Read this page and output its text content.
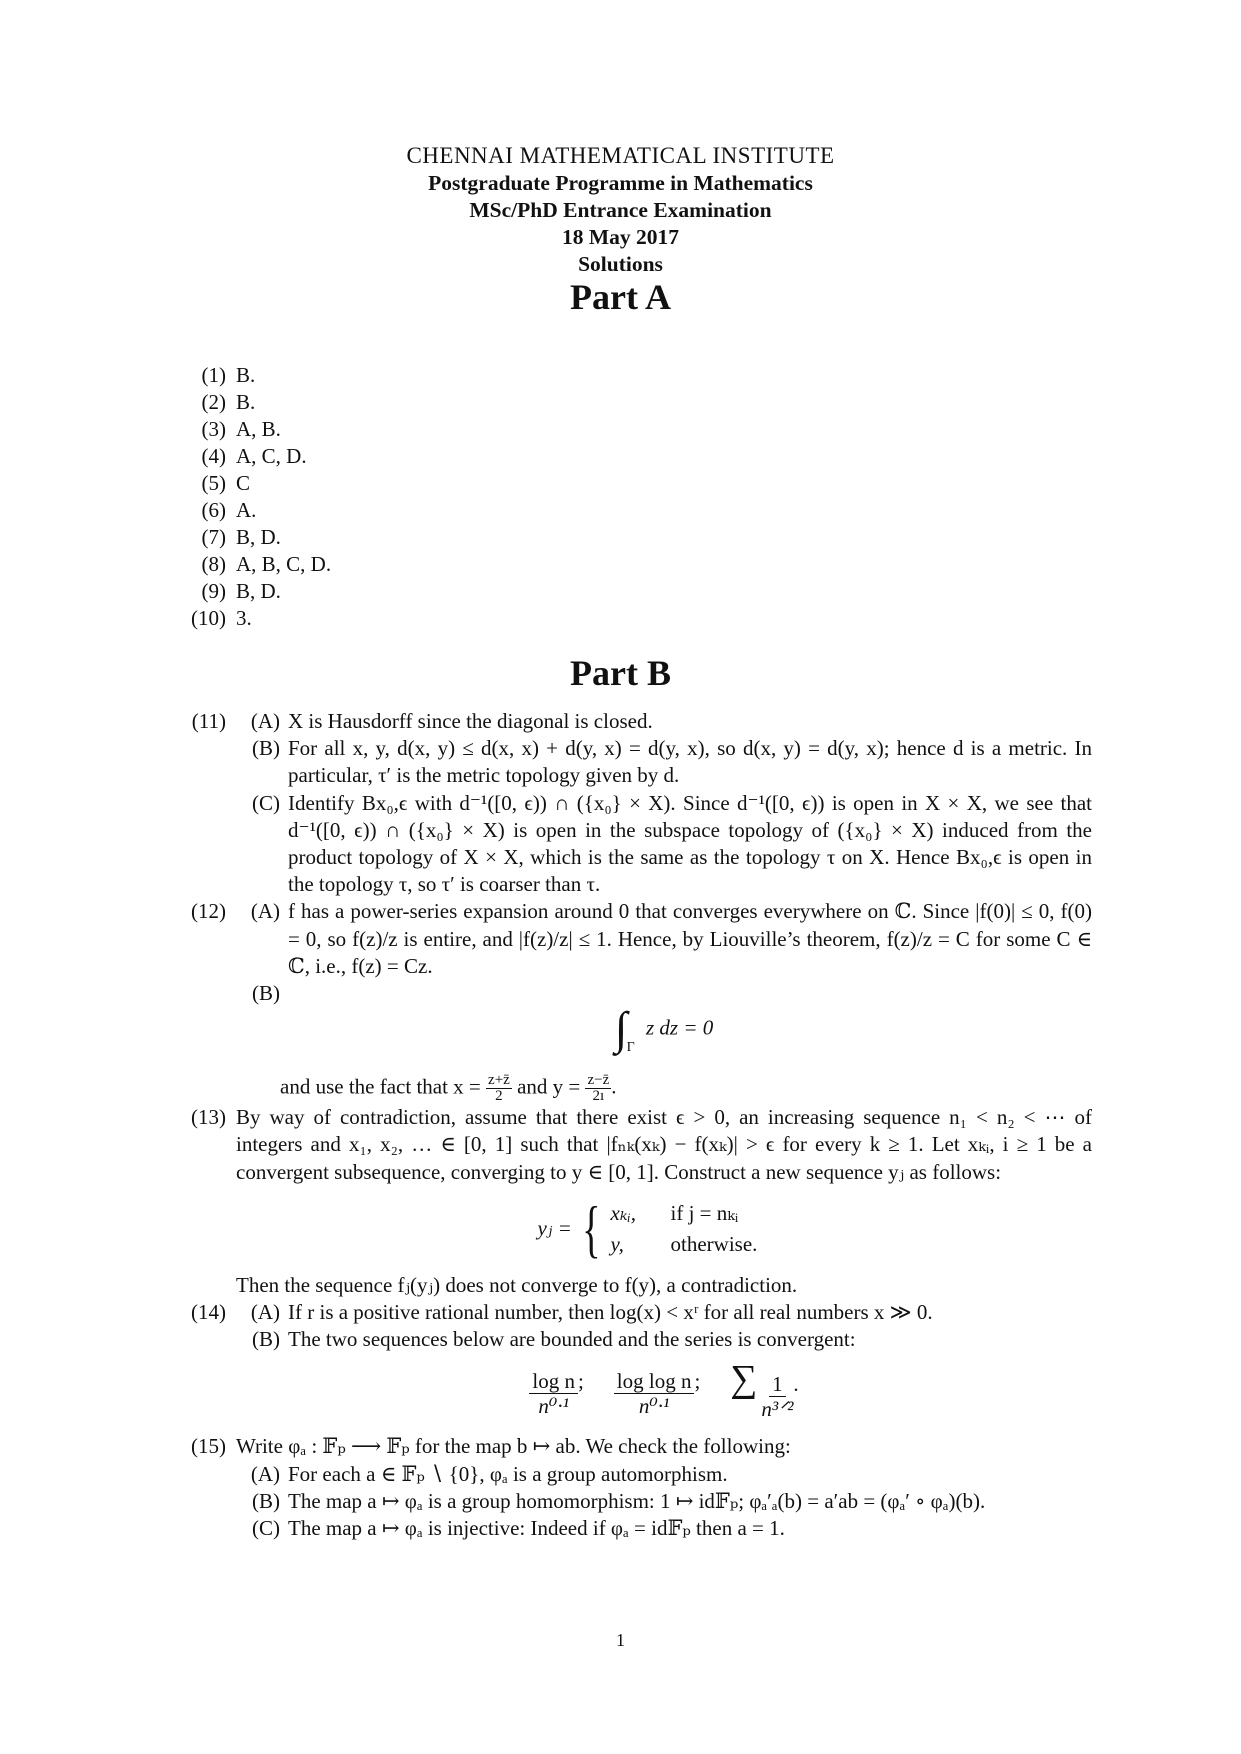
CHENNAI MATHEMATICAL INSTITUTE
Postgraduate Programme in Mathematics
MSc/PhD Entrance Examination
18 May 2017
Solutions
Part A
(1) B.
(2) B.
(3) A, B.
(4) A, C, D.
(5) C
(6) A.
(7) B, D.
(8) A, B, C, D.
(9) B, D.
(10) 3.
Part B
(11)	(A) X is Hausdorff since the diagonal is closed.
(B) For all x, y, d(x, y) ≤ d(x, x) + d(y, x) = d(y, x), so d(x, y) = d(y, x); hence d is a metric. In particular, τ′ is the metric topology given by d.
(C) Identify Bx₀,ϵ with d⁻¹([0, ϵ)) ∩ ({x₀} × X). Since d⁻¹([0, ϵ)) is open in X × X, we see that d⁻¹([0, ϵ)) ∩ ({x₀} × X) is open in the subspace topology of ({x₀} × X) induced from the product topology of X × X, which is the same as the topology τ on X. Hence Bx₀,ϵ is open in the topology τ, so τ′ is coarser than τ.
(12)	(A) f has a power-series expansion around 0 that converges everywhere on ℂ. Since |f(0)| ≤ 0, f(0) = 0, so f(z)/z is entire, and |f(z)/z| ≤ 1. Hence, by Liouville’s theorem, f(z)/z = C for some C ∈ ℂ, i.e., f(z) = Cz.
(B)
∫ $_\Gamma$ z dz = 0
and use the fact that $x = \frac{z+z̄}{2}$ and $y = \frac{z-z̄}{2ı}$ .
(13) By way of contradiction, assume that there exist ϵ > 0, an increasing sequence n₁ < n₂ < ⋯ of integers and x₁, x₂, … ∈ [0, 1] such that |fₙₖ(xₖ) − f(xₖ)| > ϵ for every k ≥ 1. Let xₖᵢ, i ≥ 1 be a convergent subsequence, converging to y ∈ [0, 1]. Construct a new sequence yⱼ as follows:
yⱼ = { xₖᵢ,	if j = nₖᵢ
y,	otherwise.
Then the sequence fⱼ(yⱼ) does not converge to f(y), a contradiction.
(14)	(A) If r is a positive rational number, then log(x) < xʳ for all real numbers x ≫ 0.
(B) The two sequences below are bounded and the series is convergent:
$\frac{\text{log n}}{\text{n⁰·¹}}$ ; $\frac{\text{log log n}}{\text{n⁰·¹}}$ ; ∑ 1
n³ᐟ²
.
(15) Write φₐ : 𝔽ₚ ⟶ 𝔽ₚ for the map b ↦ ab. We check the following:
(A) For each a ∈ 𝔽ₚ ∖ {0}, φₐ is a group automorphism.
(B) The map a ↦ φₐ is a group homomorphism: 1 ↦ id𝔽ₚ; φₐ′ₐ(b) = a′ab = (φₐ′ ∘ φₐ)(b).
(C) The map a ↦ φₐ is injective: Indeed if φₐ = id𝔽ₚ then a = 1.
1
